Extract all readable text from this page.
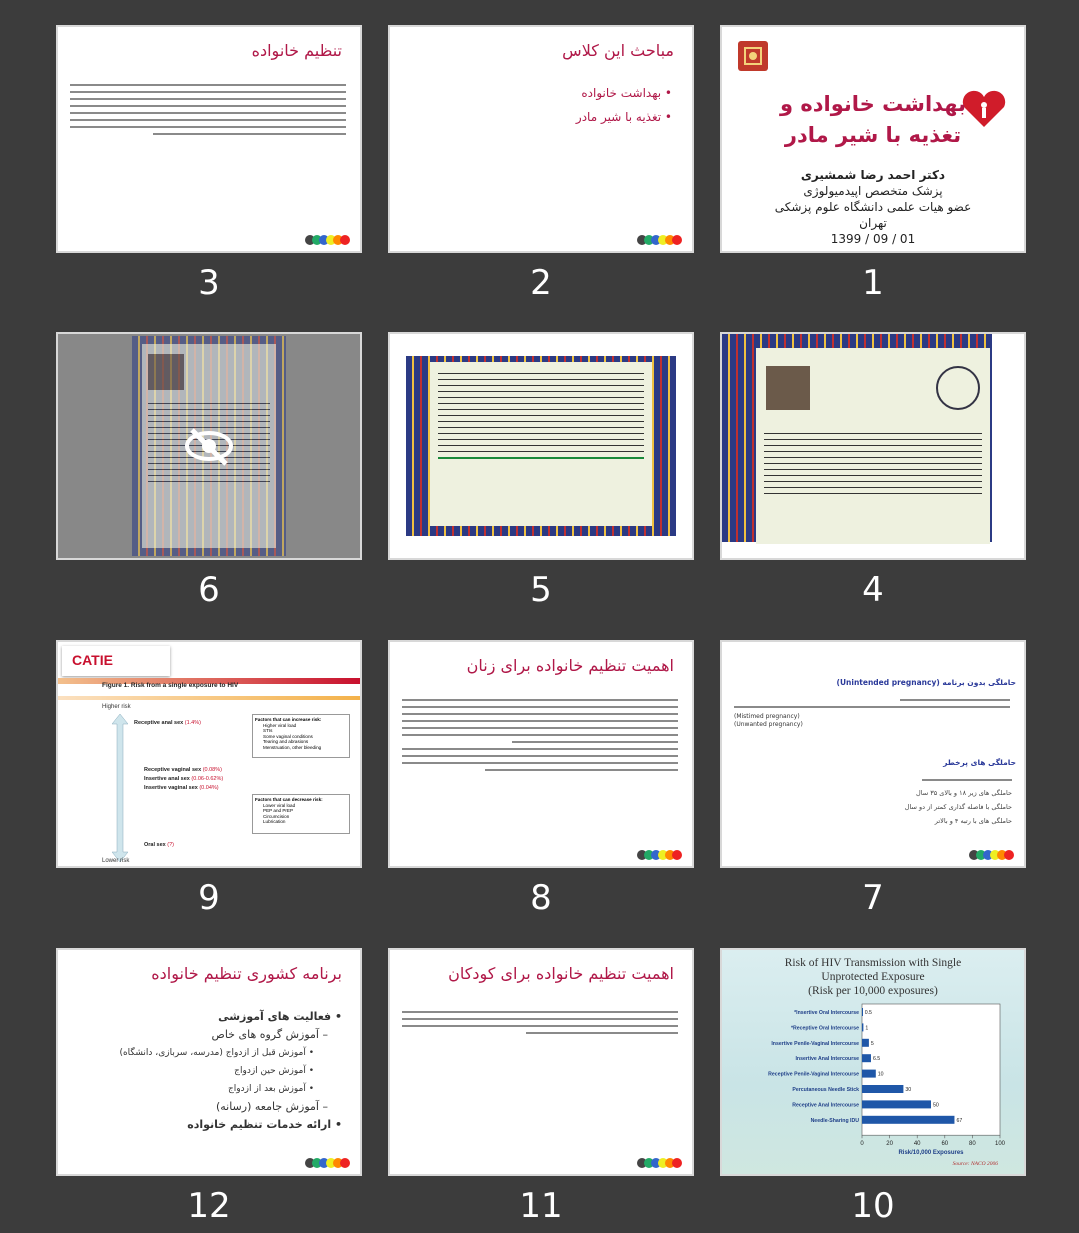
بهداشت خانواده و تغذیه با شیر مادر
دکتر احمد رضا شمشیری
پزشک متخصص اپیدمیولوژی
عضو هیات علمی دانشگاه علوم پزشکی
تهران
1399 / 09 / 01
1
مباحث این کلاس
• بهداشت خانواده
• تغذیه با شیر مادر
2
تنظیم خانواده
3
4
5
6
حاملگی بدون برنامه (Unintended pregnancy)
(Mistimed pregnancy)
(Unwanted pregnancy)
حاملگی های پرخطر
حاملگی های زیر ۱۸ و بالای ۳۵ سال
حاملگی با فاصله گذاری کمتر از دو سال
حاملگی های با رتبه ۴ و بالاتر
7
اهمیت تنظیم خانواده برای زنان
8
CATIE
Figure 1. Risk from a single exposure to HIV
Higher risk
Lower risk
Receptive anal sex (1.4%)
Receptive vaginal sex (0.08%)
Insertive anal sex (0.06-0.62%)
Insertive vaginal sex (0.04%)
Oral sex (?)
Factors that can increase risk:
Higher viral load
STIs
Some vaginal conditions
Tearing and abrasions
Menstruation, other bleeding
Factors that can decrease risk:
Lower viral load
PEP and PrEP
Circumcision
Lubrication
9
Risk of HIV Transmission with Single
Unprotected Exposure
(Risk per 10,000 exposures)
*Insertive Oral Intercourse 0.5
*Receptive Oral Intercourse 1
Insertive Penile-Vaginal Intercourse 5
Insertive Anal Intercourse	6.5
Receptive Penile-Vaginal Intercourse	10
Percutaneous Needle Stick	30
Receptive Anal Intercourse	50
Needle-Sharing IDU	67
0	20	40	60	80	100
Risk/10,000 Exposures
Source: NACO 2006
10
اهمیت تنظیم خانواده برای کودکان
11
برنامه کشوری تنظیم خانواده
• فعالیت های آموزشی
– آموزش گروه های خاص
• آموزش قبل از ازدواج (مدرسه، سربازی، دانشگاه)
• آموزش حین ازدواج
• آموزش بعد از ازدواج
– آموزش جامعه (رسانه)
• ارائه خدمات تنظیم خانواده
12
